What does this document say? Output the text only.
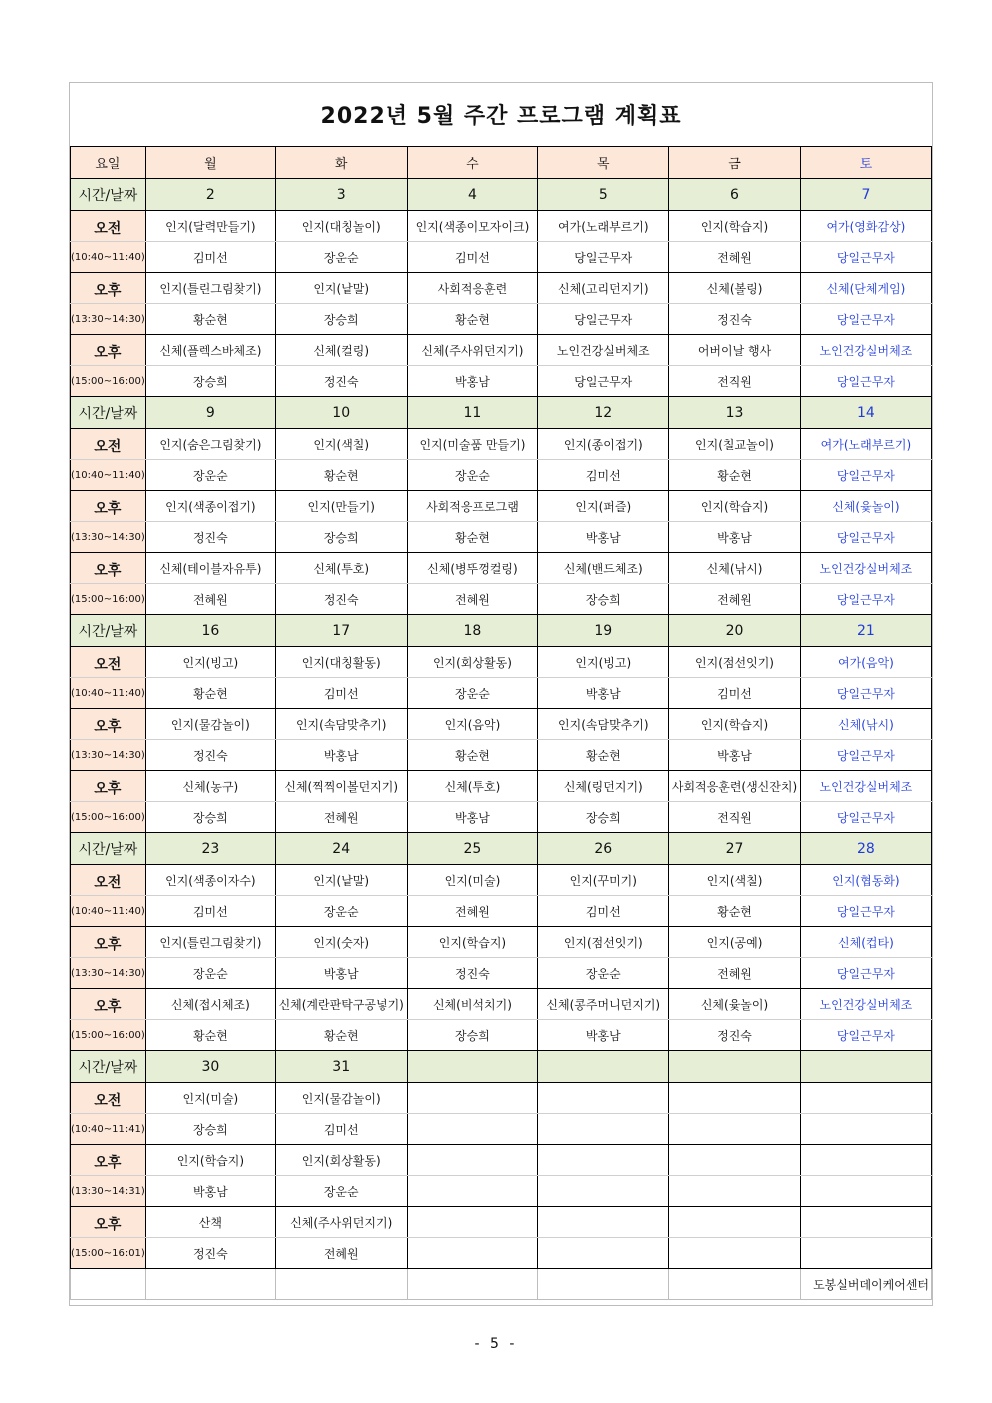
2022년 5월 주간 프로그램 계획표
요일	월	화	수	목	금	토
시간/날짜	2	3	4	5	6	7

오전	인지(달력만들기)	인지(대칭놀이)	인지(색종이모자이크)	여가(노래부르기)	인지(학습지)	여가(영화감상)
(10:40~11:40)	김미선	장운순	김미선	당일근무자	전혜원	당일근무자

오후	인지(틀린그림찾기)	인지(낱말)	사회적응훈련	신체(고리던지기)	신체(볼링)	신체(단체게임)
(13:30~14:30)	황순현	장승희	황순현	당일근무자	정진숙	당일근무자

오후	신체(플렉스바체조)	신체(컬링)	신체(주사위던지기)	노인건강실버체조	어버이날 행사	노인건강실버체조
(15:00~16:00)	장승희	정진숙	박홍남	당일근무자	전직원	당일근무자
시간/날짜	9	10	11	12	13	14

오전	인지(숨은그림찾기)	인지(색칠)	인지(미술품 만들기)	인지(종이접기)	인지(칠교놀이)	여가(노래부르기)
(10:40~11:40)	장운순	황순현	장운순	김미선	황순현	당일근무자

오후	인지(색종이접기)	인지(만들기)	사회적응프로그램	인지(퍼즐)	인지(학습지)	신체(윷놀이)
(13:30~14:30)	정진숙	장승희	황순현	박홍남	박홍남	당일근무자

오후	신체(테이블자유투)	신체(투호)	신체(병뚜껑컬링)	신체(밴드체조)	신체(낚시)	노인건강실버체조
(15:00~16:00)	전혜원	정진숙	전혜원	장승희	전혜원	당일근무자
시간/날짜	16	17	18	19	20	21

오전	인지(빙고)	인지(대칭활동)	인지(회상활동)	인지(빙고)	인지(점선잇기)	여가(음악)
(10:40~11:40)	황순현	김미선	장운순	박홍남	김미선	당일근무자

오후	인지(물감놀이)	인지(속담맞추기)	인지(음악)	인지(속담맞추기)	인지(학습지)	신체(낚시)
(13:30~14:30)	정진숙	박홍남	황순현	황순현	박홍남	당일근무자

오후	신체(농구)	신체(찍찍이볼던지기)	신체(투호)	신체(링던지기)	사회적응훈련(생신잔치)	노인건강실버체조
(15:00~16:00)	장승희	전혜원	박홍남	장승희	전직원	당일근무자
시간/날짜	23	24	25	26	27	28

오전	인지(색종이자수)	인지(낱말)	인지(미술)	인지(꾸미기)	인지(색칠)	인지(협동화)
(10:40~11:40)	김미선	장운순	전혜원	김미선	황순현	당일근무자

오후	인지(틀린그림찾기)	인지(숫자)	인지(학습지)	인지(점선잇기)	인지(공예)	신체(컵타)
(13:30~14:30)	장운순	박홍남	정진숙	장운순	전혜원	당일근무자

오후	신체(접시체조)	신체(계란판탁구공넣기)	신체(비석치기)	신체(콩주머니던지기)	신체(윷놀이)	노인건강실버체조
(15:00~16:00)	황순현	황순현	장승희	박홍남	정진숙	당일근무자
시간/날짜	30	31				

오전	인지(미술)	인지(물감놀이)				
(10:40~11:41)	장승희	김미선				

오후	인지(학습지)	인지(회상활동)				
(13:30~14:31)	박홍남	장운순				

오후	산책	신체(주사위던지기)				
(15:00~16:01)	정진숙	전혜원				
						도봉실버데이케어센터
- 5 -
